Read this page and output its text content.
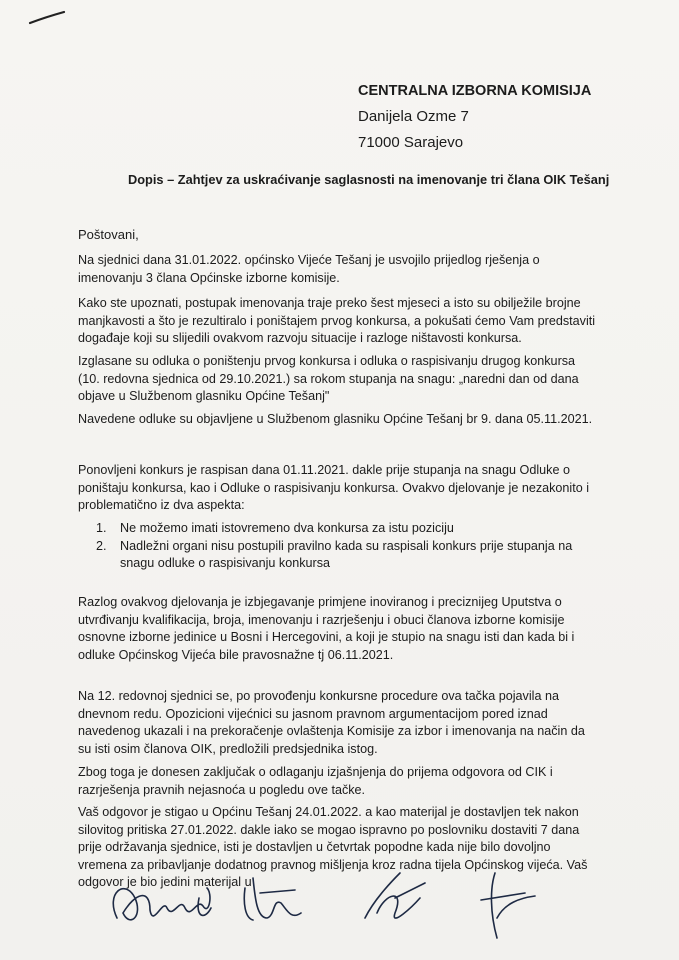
CENTRALNA IZBORNA KOMISIJA
Danijela Ozme 7
71000 Sarajevo
Dopis – Zahtjev za uskraćivanje saglasnosti na imenovanje tri člana OIK Tešanj
Poštovani,

Na sjednici dana 31.01.2022. općinsko Vijeće Tešanj je usvojilo prijedlog rješenja o imenovanju 3 člana Općinske izborne komisije.

Kako ste upoznati, postupak imenovanja traje preko šest mjeseci a isto su obilježile brojne manjkavosti a što je rezultiralo i poništajem prvog konkursa, a pokušati ćemo Vam predstaviti događaje koji su slijedili ovakvom razvoju situacije i razloge ništavosti konkursa.

Izglasane su odluka o poništenju prvog konkursa i odluka o raspisivanju drugog konkursa (10. redovna sjednica od 29.10.2021.) sa rokom stupanja na snagu: „naredni dan od dana objave u Službenom glasniku Općine Tešanj"

Navedene odluke su objavljene u Službenom glasniku Općine Tešanj br 9. dana 05.11.2021.

Ponovljeni konkurs je raspisan dana 01.11.2021. dakle prije stupanja na snagu Odluke o poništaju konkursa, kao i Odluke o raspisivanju konkursa. Ovakvo djelovanje je nezakonito i problematično iz dva aspekta:

1. Ne možemo imati istovremeno dva konkursa za istu poziciju
2. Nadležni organi nisu postupili pravilno kada su raspisali konkurs prije stupanja na snagu odluke o raspisivanju konkursa

Razlog ovakvog djelovanja je izbjegavanje primjene inoviranog i preciznijeg Uputstva o utvrđivanju kvalifikacija, broja, imenovanju i razrješenju i obuci članova izborne komisije osnovne izborne jedinice u Bosni i Hercegovini, a koji je stupio na snagu isti dan kada bi i odluke Općinskog Vijeća bile pravosnažne tj 06.11.2021.

Na 12. redovnoj sjednici se, po provođenju konkursne procedure ova tačka pojavila na dnevnom redu. Opozicioni vijećnici su jasnom pravnom argumentacijom pored iznad navedenog ukazali i na prekoračenje ovlaštenja Komisije za izbor i imenovanja na način da su isti osim članova OIK, predložili predsjednika istog.

Zbog toga je donesen zaključak o odlaganju izjašnjenja do prijema odgovora od CIK i razrješenja pravnih nejasnoća u pogledu ove tačke.

Vaš odgovor je stigao u Općinu Tešanj 24.01.2022. a kao materijal je dostavljen tek nakon silovitog pritiska 27.01.2022. dakle iako se mogao ispravno po poslovniku dostaviti 7 dana prije održavanja sjednice, isti je dostavljen u četvrtak popodne kada nije bilo dovoljno vremena za pribavljanje dodatnog pravnog mišljenja kroz radna tijela Općinskog vijeća. Vaš odgovor je bio jedini materijal u
